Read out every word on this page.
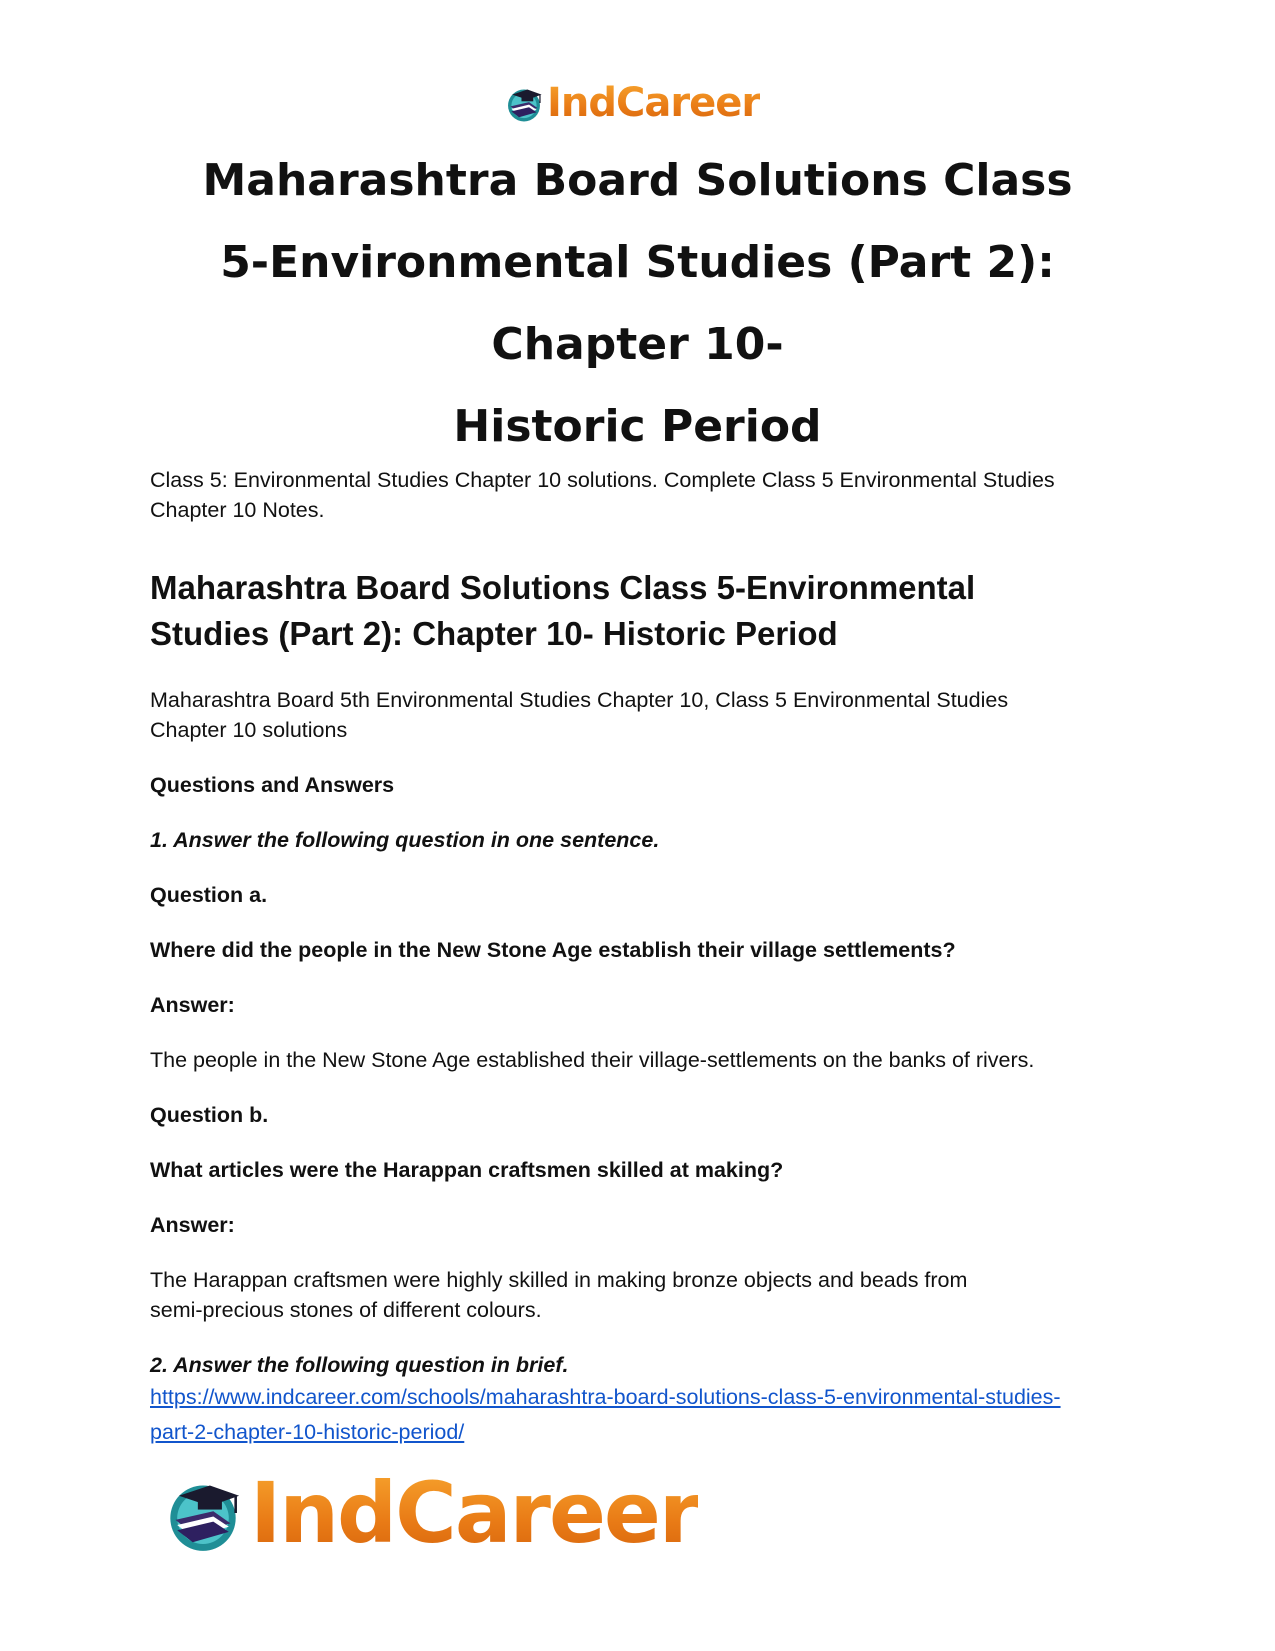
IndCareer
Maharashtra Board Solutions Class
5-Environmental Studies (Part 2): Chapter 10-
Historic Period

Class 5: Environmental Studies Chapter 10 solutions. Complete Class 5 Environmental Studies
Chapter 10 Notes.

Maharashtra Board Solutions Class 5-Environmental
Studies (Part 2): Chapter 10- Historic Period

Maharashtra Board 5th Environmental Studies Chapter 10, Class 5 Environmental Studies
Chapter 10 solutions

Questions and Answers

1. Answer the following question in one sentence.

Question a.

Where did the people in the New Stone Age establish their village settlements?

Answer:

The people in the New Stone Age established their village-settlements on the banks of rivers.

Question b.

What articles were the Harappan craftsmen skilled at making?

Answer:

The Harappan craftsmen were highly skilled in making bronze objects and beads from
semi-precious stones of different colours.

2. Answer the following question in brief.

https://www.indcareer.com/schools/maharashtra-board-solutions-class-5-environmental-studies-
part-2-chapter-10-historic-period/
IndCareer
